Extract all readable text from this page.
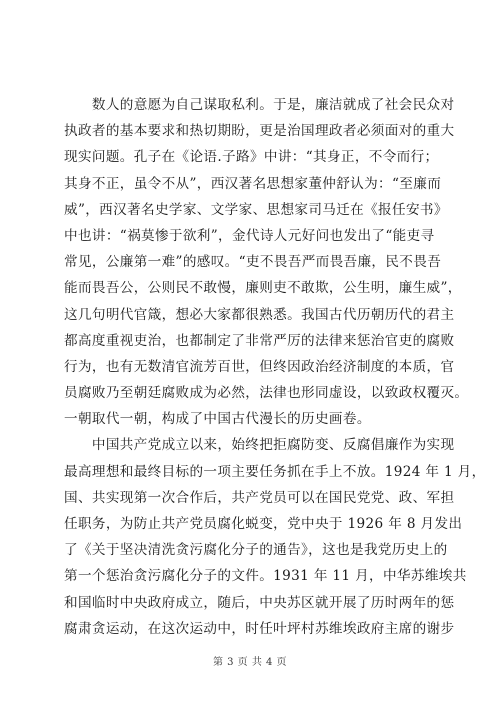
　　数人的意愿为自己谋取私利。于是，廉洁就成了社会民众对
执政者的基本要求和热切期盼，更是治国理政者必须面对的重大
现实问题。孔子在《论语.子路》中讲：“其身正，不令而行；
其身不正，虽令不从”，西汉著名思想家董仲舒认为：“至廉而
威”，西汉著名史学家、文学家、思想家司马迁在《报任安书》
中也讲：“祸莫惨于欲利”，金代诗人元好问也发出了“能吏寻
常见，公廉第一难”的感叹。“吏不畏吾严而畏吾廉，民不畏吾
能而畏吾公，公则民不敢慢，廉则吏不敢欺，公生明，廉生威”，
这几句明代官箴，想必大家都很熟悉。我国古代历朝历代的君主
都高度重视吏治，也都制定了非常严厉的法律来惩治官吏的腐败
行为，也有无数清官流芳百世，但终因政治经济制度的本质，官
员腐败乃至朝廷腐败成为必然，法律也形同虚设，以致政权覆灭。
一朝取代一朝，构成了中国古代漫长的历史画卷。
　　中国共产党成立以来，始终把拒腐防变、反腐倡廉作为实现
最高理想和最终目标的一项主要任务抓在手上不放。1924 年 1 月，
国、共实现第一次合作后，共产党员可以在国民党党、政、军担
任职务，为防止共产党员腐化蜕变，党中央于 1926 年 8 月发出
了《关于坚决清洗贪污腐化分子的通告》，这也是我党历史上的
第一个惩治贪污腐化分子的文件。1931 年 11 月，中华苏维埃共
和国临时中央政府成立，随后，中央苏区就开展了历时两年的惩
腐肃贪运动，在这次运动中，时任叶坪村苏维埃政府主席的谢步
第 3 页 共 4 页
